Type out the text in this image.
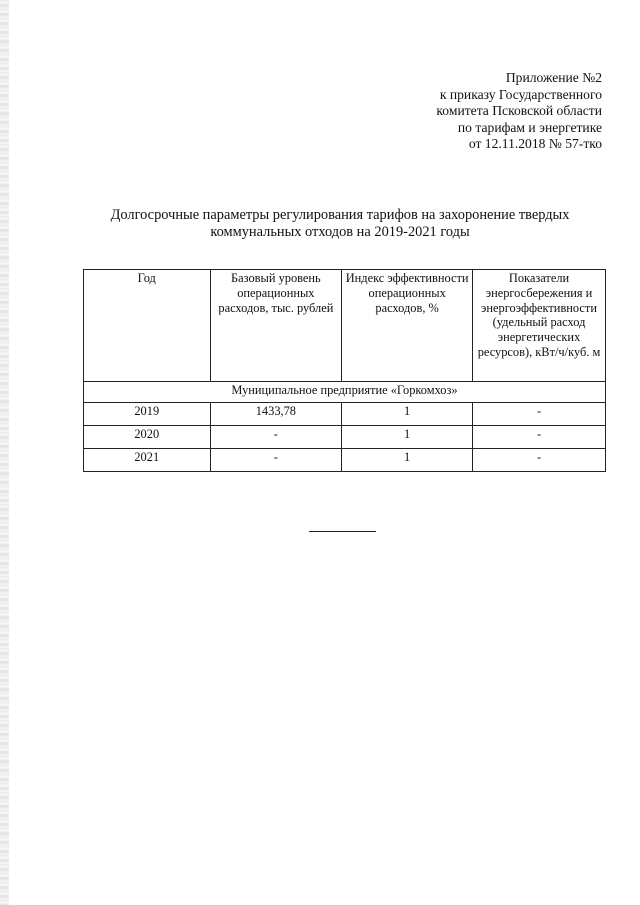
Приложение №2
к приказу Государственного
комитета Псковской области
по тарифам и энергетике
от 12.11.2018 № 57-тко
Долгосрочные параметры регулирования тарифов на захоронение твердых
коммунальных отходов на 2019-2021 годы
Год	Базовый уровень операционных расходов, тыс. рублей	Индекс эффективности операционных расходов, %	Показатели энергосбережения и энергоэффективности (удельный расход энергетических ресурсов), кВт/ч/куб. м
Муниципальное предприятие «Горкомхоз»			
2019	1433,78	1	-
2020	-	1	-
2021	-	1	-
